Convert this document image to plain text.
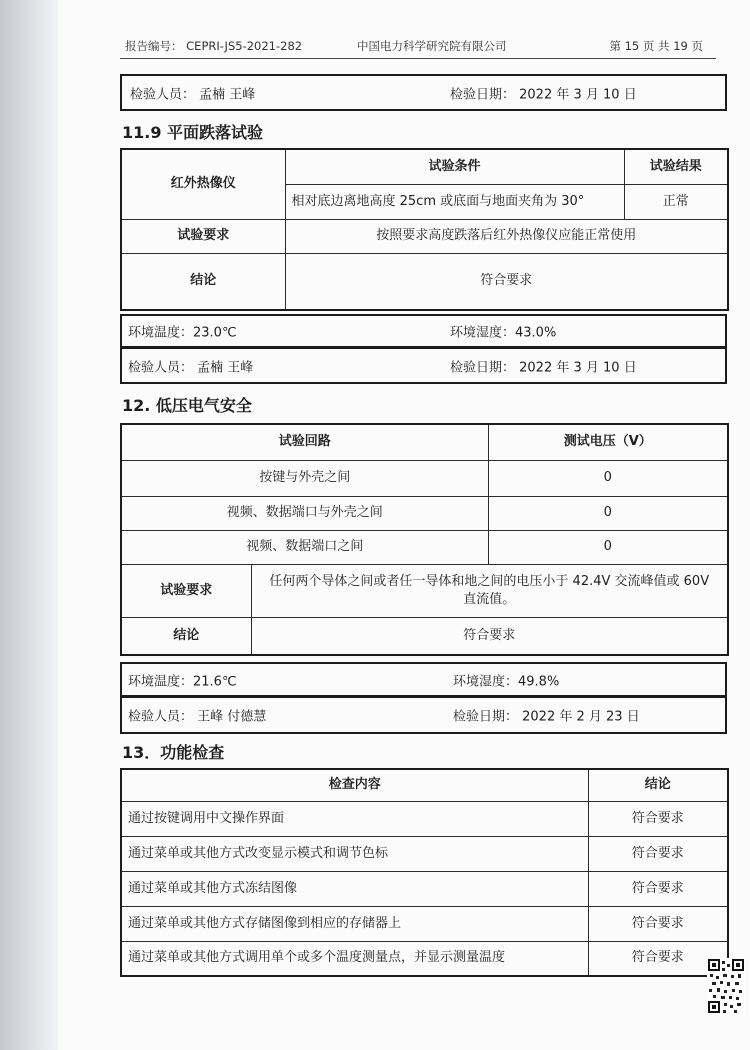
报告编号： CEPRI-JS5-2021-282	中国电力科学研究院有限公司	第 15 页 共 19 页
检验人员： 孟楠 王峰	检验日期： 2022 年 3 月 10 日
11.9 平面跌落试验
红外热像仪	试验条件	试验结果
	相对底边离地高度 25cm 或底面与地面夹角为 30°	正常
试验要求	按照要求高度跌落后红外热像仪应能正常使用	
结论	符合要求	
环境温度：23.0℃	环境湿度：43.0%
检验人员： 孟楠 王峰	检验日期： 2022 年 3 月 10 日
12. 低压电气安全
试验回路		测试电压（V）
按键与外壳之间		0
视频、数据端口与外壳之间		0
视频、数据端口之间		0
试验要求	任何两个导体之间或者任一导体和地之间的电压小于 42.4V 交流峰值或 60V 直流值。	
结论	符合要求	
环境温度：21.6℃	环境湿度：49.8%
检验人员： 王峰 付德慧	检验日期： 2022 年 2 月 23 日
13．功能检查
检查内容	结论
通过按键调用中文操作界面	符合要求
通过菜单或其他方式改变显示模式和调节色标	符合要求
通过菜单或其他方式冻结图像	符合要求
通过菜单或其他方式存储图像到相应的存储器上	符合要求
通过菜单或其他方式调用单个或多个温度测量点，并显示测量温度	符合要求
